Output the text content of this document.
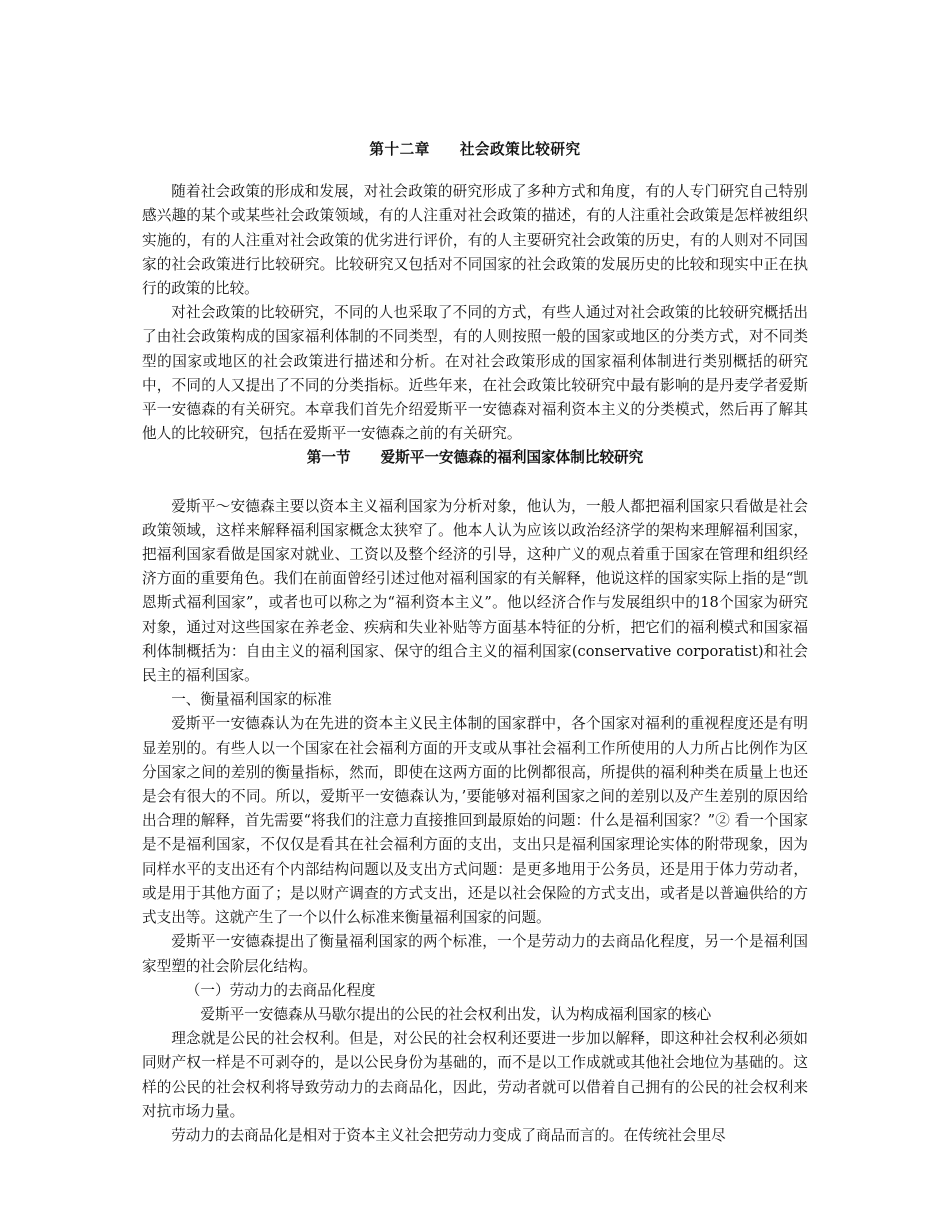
第十二章 社会政策比较研究

随着社会政策的形成和发展，对社会政策的研究形成了多种方式和角度，有的人专门研究自己特别感兴趣的某个或某些社会政策领域，有的人注重对社会政策的描述，有的人注重社会政策是怎样被组织实施的，有的人注重对社会政策的优劣进行评价，有的人主要研究社会政策的历史，有的人则对不同国家的社会政策进行比较研究。比较研究又包括对不同国家的社会政策的发展历史的比较和现实中正在执行的政策的比较。

对社会政策的比较研究，不同的人也采取了不同的方式，有些人通过对社会政策的比较研究概括出了由社会政策构成的国家福利体制的不同类型，有的人则按照一般的国家或地区的分类方式，对不同类型的国家或地区的社会政策进行描述和分析。在对社会政策形成的国家福利体制进行类别概括的研究中，不同的人又提出了不同的分类指标。近些年来，在社会政策比较研究中最有影响的是丹麦学者爱斯平一安德森的有关研究。本章我们首先介绍爱斯平一安德森对福利资本主义的分类模式，然后再了解其他人的比较研究，包括在爱斯平一安德森之前的有关研究。

第一节 爱斯平一安德森的福利国家体制比较研究

爱斯平～安德森主要以资本主义福利国家为分析对象，他认为，一般人都把福利国家只看做是社会政策领域，这样来解释福利国家概念太狭窄了。他本人认为应该以政治经济学的架构来理解福利国家，把福利国家看做是国家对就业、工资以及整个经济的引导，这种广义的观点着重于国家在管理和组织经济方面的重要角色。我们在前面曾经引述过他对福利国家的有关解释，他说这样的国家实际上指的是“凯恩斯式福利国家”，或者也可以称之为“福利资本主义”。他以经济合作与发展组织中的18个国家为研究对象，通过对这些国家在养老金、疾病和失业补贴等方面基本特征的分析，把它们的福利模式和国家福利体制概括为：自由主义的福利国家、保守的组合主义的福利国家(conservative corporatist)和社会民主的福利国家。

一、衡量福利国家的标准

爱斯平一安德森认为在先进的资本主义民主体制的国家群中，各个国家对福利的重视程度还是有明显差别的。有些人以一个国家在社会福利方面的开支或从事社会福利工作所使用的人力所占比例作为区分国家之间的差别的衡量指标，然而，即使在这两方面的比例都很高，所提供的福利种类在质量上也还是会有很大的不同。所以，爱斯平一安德森认为，’要能够对福利国家之间的差别以及产生差别的原因给出合理的解释，首先需要“将我们的注意力直接推回到最原始的问题：什么是福利国家？”② 看一个国家是不是福利国家，不仅仅是看其在社会福利方面的支出，支出只是福利国家理论实体的附带现象，因为同样水平的支出还有个内部结构问题以及支出方式问题：是更多地用于公务员，还是用于体力劳动者，或是用于其他方面了；是以财产调查的方式支出，还是以社会保险的方式支出，或者是以普遍供给的方式支出等。这就产生了一个以什么标准来衡量福利国家的问题。

爱斯平一安德森提出了衡量福利国家的两个标准，一个是劳动力的去商品化程度，另一个是福利国家型塑的社会阶层化结构。

（一）劳动力的去商品化程度

爱斯平一安德森从马歇尔提出的公民的社会权利出发，认为构成福利国家的核心

理念就是公民的社会权利。但是，对公民的社会权利还要进一步加以解释，即这种社会权利必须如同财产权一样是不可剥夺的，是以公民身份为基础的，而不是以工作成就或其他社会地位为基础的。这样的公民的社会权利将导致劳动力的去商品化，因此，劳动者就可以借着自己拥有的公民的社会权利来对抗市场力量。

劳动力的去商品化是相对于资本主义社会把劳动力变成了商品而言的。在传统社会里尽
